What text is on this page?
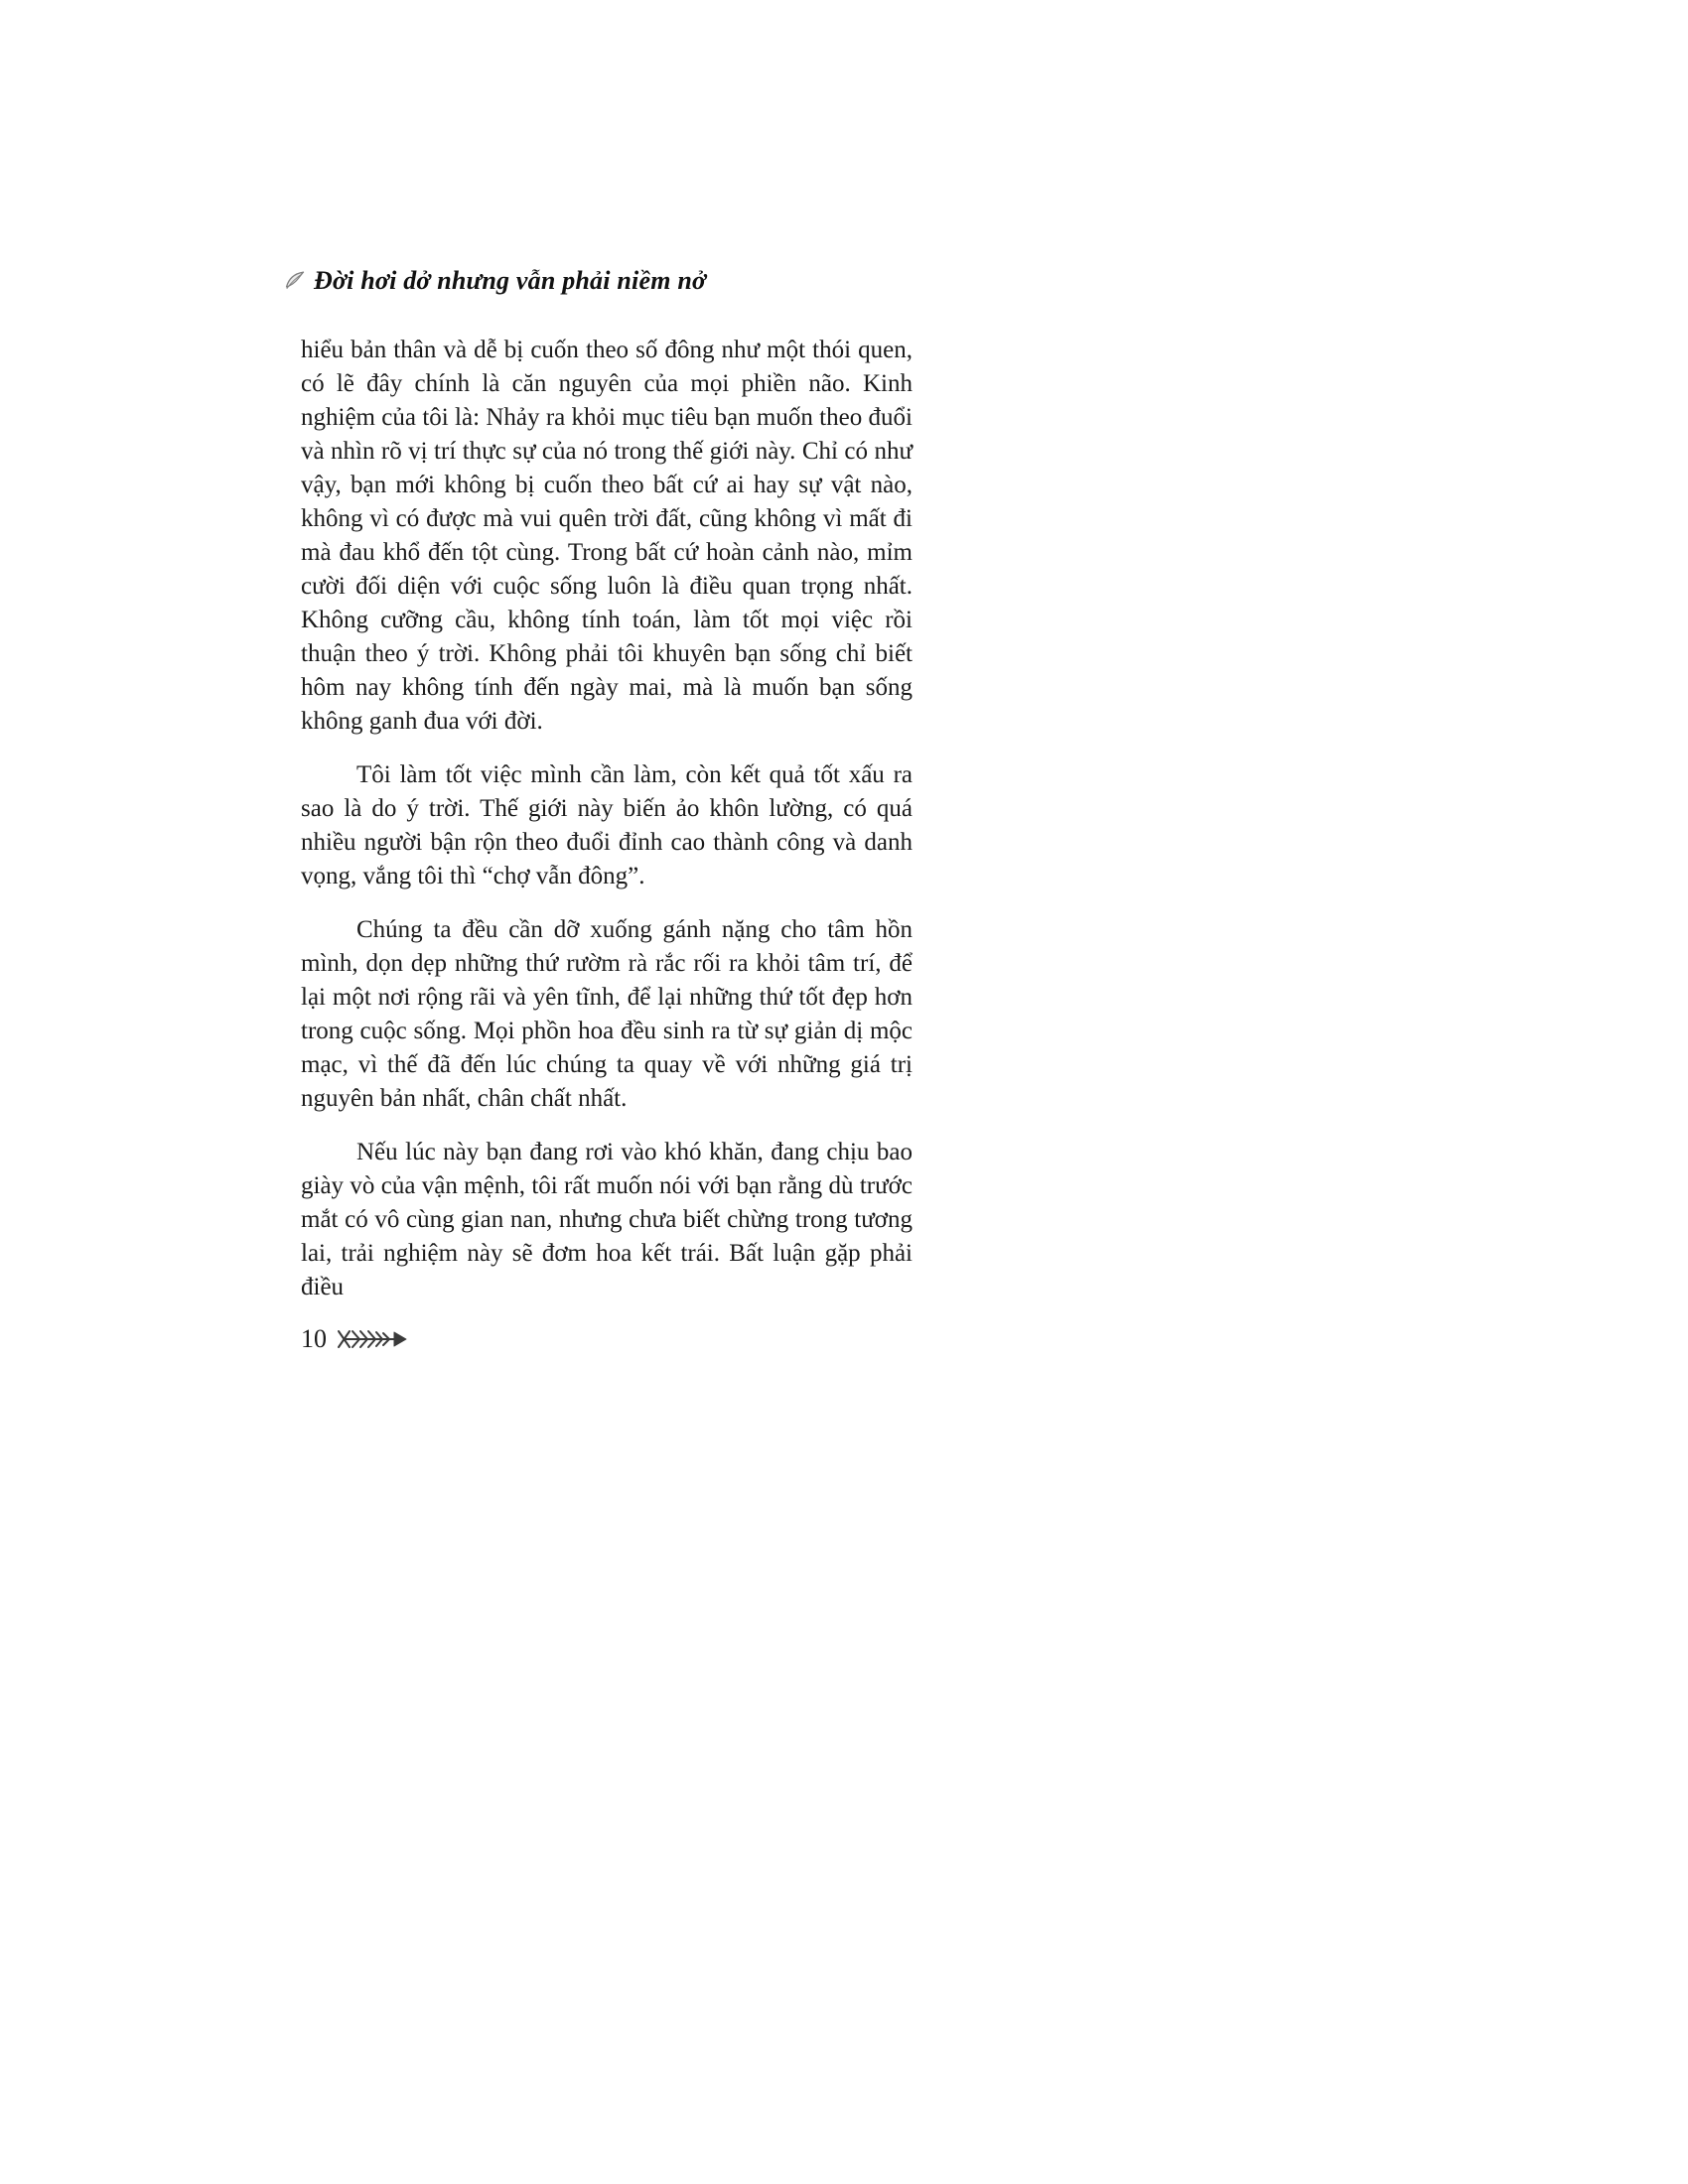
Đời hơi dở nhưng vẫn phải niềm nở

hiểu bản thân và dễ bị cuốn theo số đông như một thói quen, có lẽ đây chính là căn nguyên của mọi phiền não. Kinh nghiệm của tôi là: Nhảy ra khỏi mục tiêu bạn muốn theo đuổi và nhìn rõ vị trí thực sự của nó trong thế giới này. Chỉ có như vậy, bạn mới không bị cuốn theo bất cứ ai hay sự vật nào, không vì có được mà vui quên trời đất, cũng không vì mất đi mà đau khổ đến tột cùng. Trong bất cứ hoàn cảnh nào, mỉm cười đối diện với cuộc sống luôn là điều quan trọng nhất. Không cưỡng cầu, không tính toán, làm tốt mọi việc rồi thuận theo ý trời. Không phải tôi khuyên bạn sống chỉ biết hôm nay không tính đến ngày mai, mà là muốn bạn sống không ganh đua với đời.

Tôi làm tốt việc mình cần làm, còn kết quả tốt xấu ra sao là do ý trời. Thế giới này biến ảo khôn lường, có quá nhiều người bận rộn theo đuổi đỉnh cao thành công và danh vọng, vắng tôi thì “chợ vẫn đông”.

Chúng ta đều cần dỡ xuống gánh nặng cho tâm hồn mình, dọn dẹp những thứ rườm rà rắc rối ra khỏi tâm trí, để lại một nơi rộng rãi và yên tĩnh, để lại những thứ tốt đẹp hơn trong cuộc sống. Mọi phồn hoa đều sinh ra từ sự giản dị mộc mạc, vì thế đã đến lúc chúng ta quay về với những giá trị nguyên bản nhất, chân chất nhất.

Nếu lúc này bạn đang rơi vào khó khăn, đang chịu bao giày vò của vận mệnh, tôi rất muốn nói với bạn rằng dù trước mắt có vô cùng gian nan, nhưng chưa biết chừng trong tương lai, trải nghiệm này sẽ đơm hoa kết trái. Bất luận gặp phải điều

10
